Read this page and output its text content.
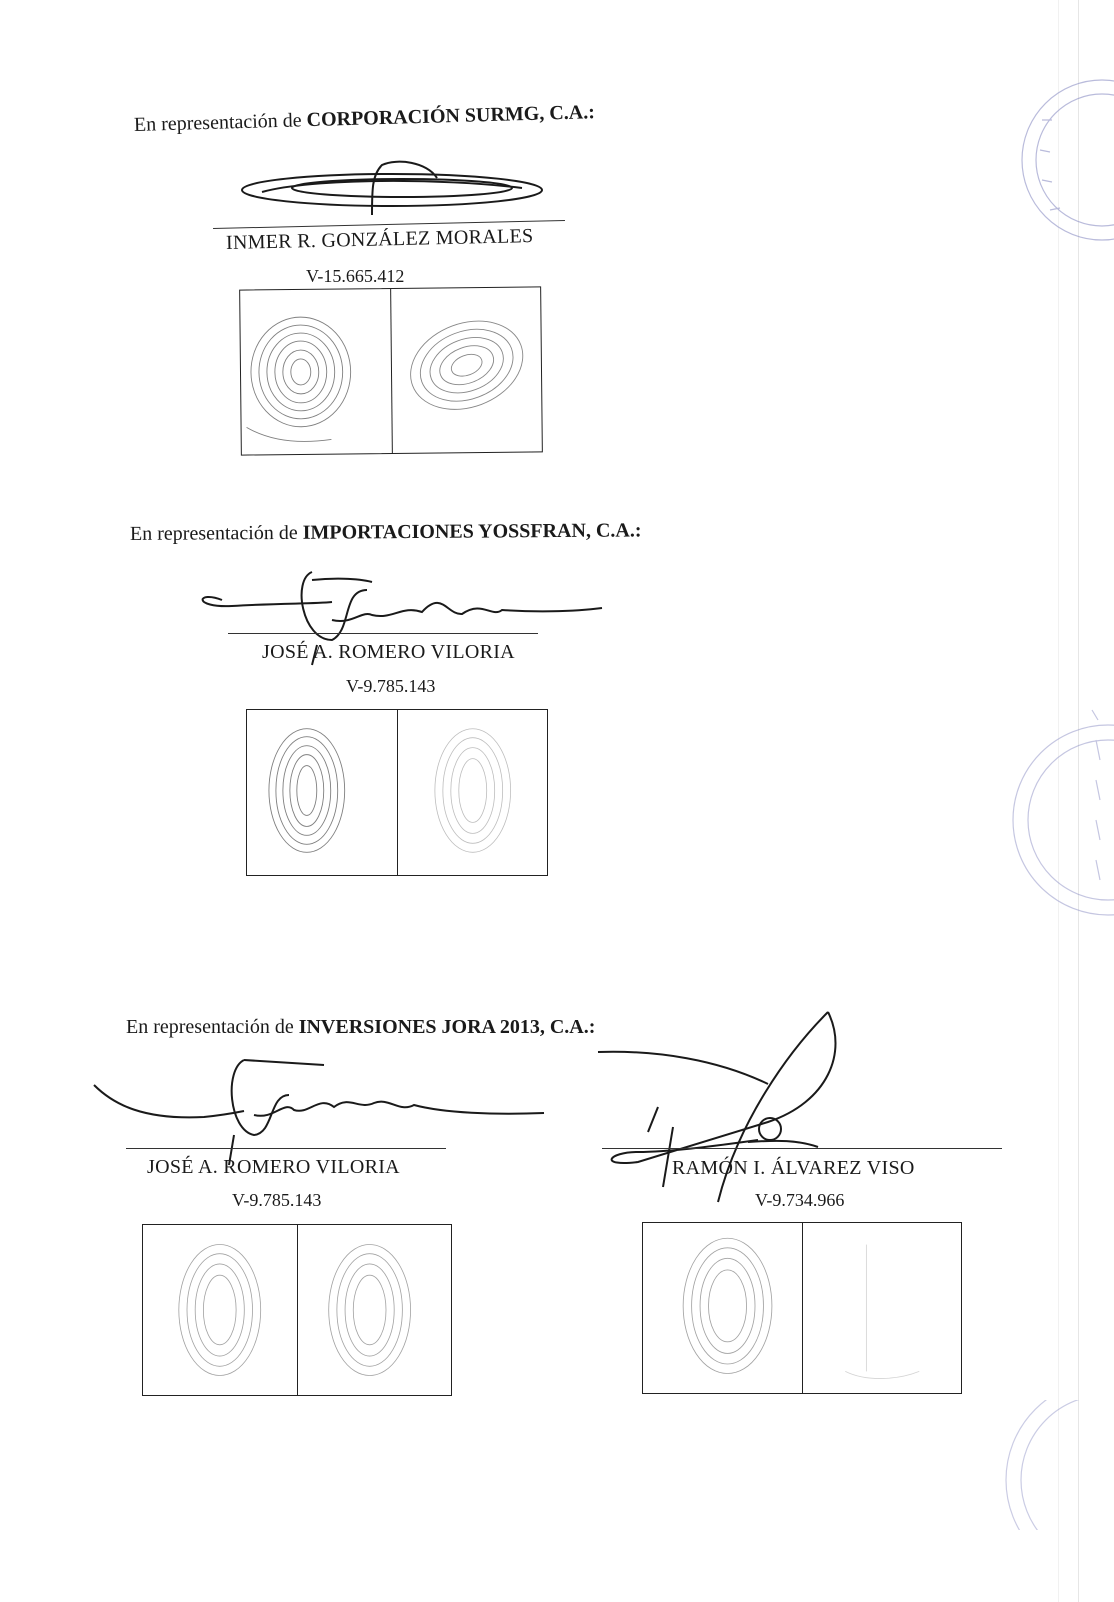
En representación de CORPORACIÓN SURMG, C.A.:
INMER R. GONZÁLEZ MORALES
V-15.665.412
En representación de IMPORTACIONES YOSSFRAN, C.A.:
JOSÉ A. ROMERO VILORIA
V-9.785.143
En representación de INVERSIONES JORA 2013, C.A.:
JOSÉ A. ROMERO VILORIA
V-9.785.143
RAMÓN I. ÁLVAREZ VISO
V-9.734.966
